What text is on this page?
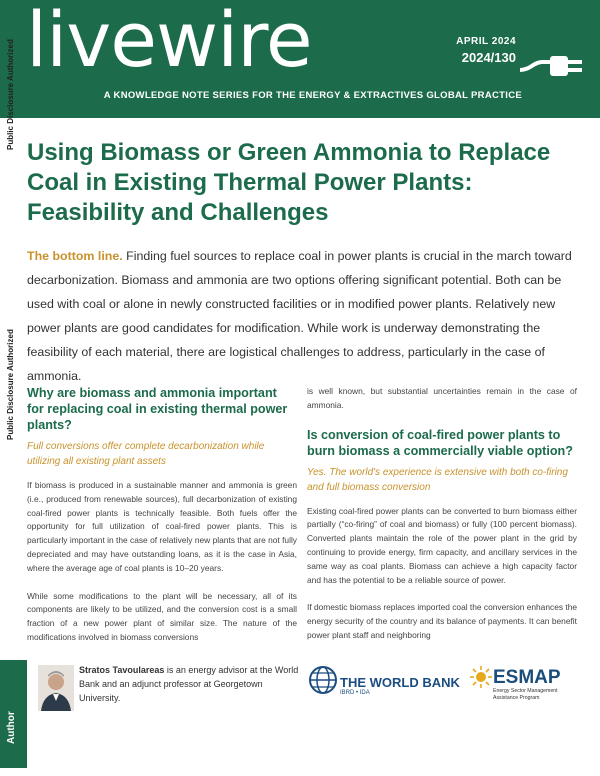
livewire	APRIL 2024
2024/130
A KNOWLEDGE NOTE SERIES FOR THE ENERGY & EXTRACTIVES GLOBAL PRACTICE
Public Disclosure Authorized
Public Disclosure Authorized
Using Biomass or Green Ammonia to Replace Coal in Existing Thermal Power Plants: Feasibility and Challenges

The bottom line. Finding fuel sources to replace coal in power plants is crucial in the march toward decarbonization. Biomass and ammonia are two options offering significant potential. Both can be used with coal or alone in newly constructed facilities or in modified power plants. Relatively new power plants are good candidates for modification. While work is underway demonstrating the feasibility of each material, there are logistical challenges to address, particularly in the case of ammonia.

Why are biomass and ammonia important for replacing coal in existing thermal power plants?

Full conversions offer complete decarbonization while utilizing all existing plant assets

If biomass is produced in a sustainable manner and ammonia is green (i.e., produced from renewable sources), full decarbonization of existing coal-fired power plants is technically feasible. Both fuels offer the opportunity for full utilization of coal-fired power plants. This is particularly important in the case of relatively new plants that are not fully depreciated and may have outstanding loans, as it is the case in Asia, where the average age of coal plants is 10–20 years.

While some modifications to the plant will be necessary, all of its components are likely to be utilized, and the conversion cost is a small fraction of a new power plant of similar size. The nature of the modifications involved in biomass conversions

is well known, but substantial uncertainties remain in the case of ammonia.

Is conversion of coal-fired power plants to burn biomass a commercially viable option?

Yes. The world's experience is extensive with both co-firing and full biomass conversion

Existing coal-fired power plants can be converted to burn biomass either partially (“co-firing” of coal and biomass) or fully (100 percent biomass). Converted plants maintain the role of the power plant in the grid by continuing to provide energy, firm capacity, and ancillary services in the same way as coal plants. Biomass can achieve a high capacity factor and has the potential to be a reliable source of power.

If domestic biomass replaces imported coal the conversion enhances the energy security of the country and its balance of payments. It can benefit power plant staff and neighboring

Author

Stratos Tavoulareas is an energy advisor at the World Bank and an adjunct professor at Georgetown University.

THE WORLD BANK
IBRD • IDA
ESMAP
Energy Sector Management Assistance Program
